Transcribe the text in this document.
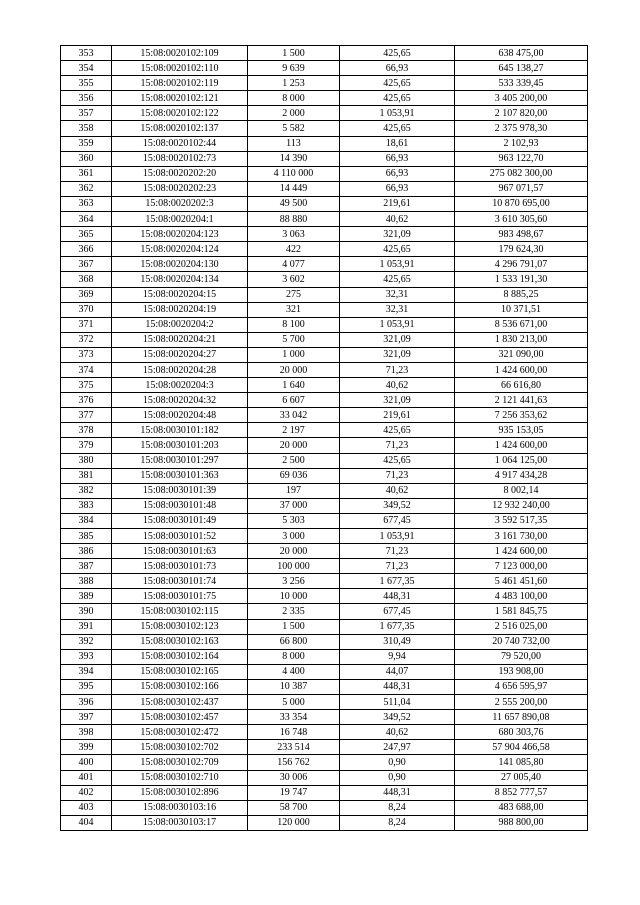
353	15:08:0020102:109	1 500	425,65	638 475,00
354	15:08:0020102:110	9 639	66,93	645 138,27
355	15:08:0020102:119	1 253	425,65	533 339,45
356	15:08:0020102:121	8 000	425,65	3 405 200,00
357	15:08:0020102:122	2 000	1 053,91	2 107 820,00
358	15:08:0020102:137	5 582	425,65	2 375 978,30
359	15:08:0020102:44	113	18,61	2 102,93
360	15:08:0020102:73	14 390	66,93	963 122,70
361	15:08:0020202:20	4 110 000	66,93	275 082 300,00
362	15:08:0020202:23	14 449	66,93	967 071,57
363	15:08:0020202:3	49 500	219,61	10 870 695,00
364	15:08:0020204:1	88 880	40,62	3 610 305,60
365	15:08:0020204:123	3 063	321,09	983 498,67
366	15:08:0020204:124	422	425,65	179 624,30
367	15:08:0020204:130	4 077	1 053,91	4 296 791,07
368	15:08:0020204:134	3 602	425,65	1 533 191,30
369	15:08:0020204:15	275	32,31	8 885,25
370	15:08:0020204:19	321	32,31	10 371,51
371	15:08:0020204:2	8 100	1 053,91	8 536 671,00
372	15:08:0020204:21	5 700	321,09	1 830 213,00
373	15:08:0020204:27	1 000	321,09	321 090,00
374	15:08:0020204:28	20 000	71,23	1 424 600,00
375	15:08:0020204:3	1 640	40,62	66 616,80
376	15:08:0020204:32	6 607	321,09	2 121 441,63
377	15:08:0020204:48	33 042	219,61	7 256 353,62
378	15:08:0030101:182	2 197	425,65	935 153,05
379	15:08:0030101:203	20 000	71,23	1 424 600,00
380	15:08:0030101:297	2 500	425,65	1 064 125,00
381	15:08:0030101:363	69 036	71,23	4 917 434,28
382	15:08:0030101:39	197	40,62	8 002,14
383	15:08:0030101:48	37 000	349,52	12 932 240,00
384	15:08:0030101:49	5 303	677,45	3 592 517,35
385	15:08:0030101:52	3 000	1 053,91	3 161 730,00
386	15:08:0030101:63	20 000	71,23	1 424 600,00
387	15:08:0030101:73	100 000	71,23	7 123 000,00
388	15:08:0030101:74	3 256	1 677,35	5 461 451,60
389	15:08:0030101:75	10 000	448,31	4 483 100,00
390	15:08:0030102:115	2 335	677,45	1 581 845,75
391	15:08:0030102:123	1 500	1 677,35	2 516 025,00
392	15:08:0030102:163	66 800	310,49	20 740 732,00
393	15:08:0030102:164	8 000	9,94	79 520,00
394	15:08:0030102:165	4 400	44,07	193 908,00
395	15:08:0030102:166	10 387	448,31	4 656 595,97
396	15:08:0030102:437	5 000	511,04	2 555 200,00
397	15:08:0030102:457	33 354	349,52	11 657 890,08
398	15:08:0030102:472	16 748	40,62	680 303,76
399	15:08:0030102:702	233 514	247,97	57 904 466,58
400	15:08:0030102:709	156 762	0,90	141 085,80
401	15:08:0030102:710	30 006	0,90	27 005,40
402	15:08:0030102:896	19 747	448,31	8 852 777,57
403	15:08:0030103:16	58 700	8,24	483 688,00
404	15:08:0030103:17	120 000	8,24	988 800,00
